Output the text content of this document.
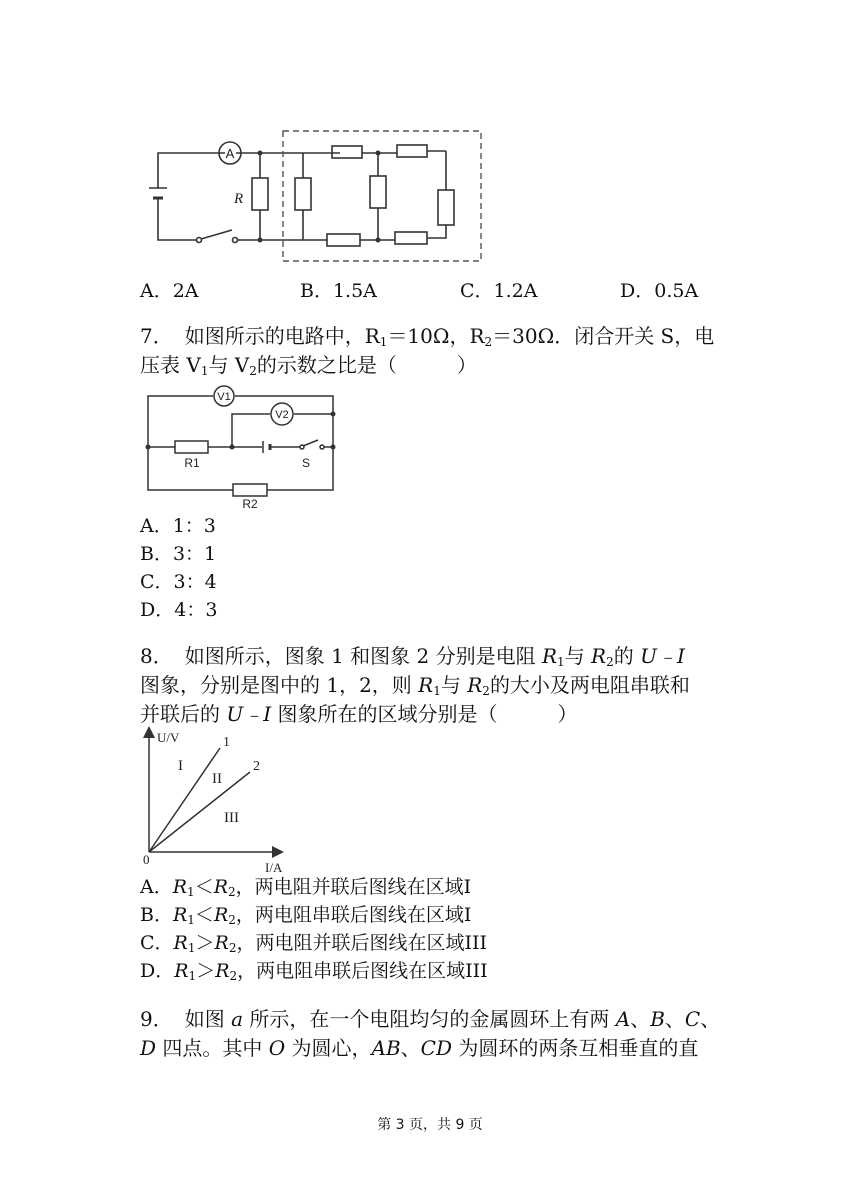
A
R
A．2A	B．1.5A	C．1.2A	D．0.5A
7． 如图所示的电路中，$R_1=10\Omega$，$R_2=30\Omega$．闭合开关 S，电
压表 $V_1$与 $V_2$的示数之比是（　　　）
V1
V2
R1
R2
S
A．1：3
B．3：1
C．3：4
D．4：3
8． 如图所示，图象 1 和图象 2 分别是电阻 $R_1$与 $R_2$的 U﹣I
图象，分别是图中的 1，2，则 $R_1$与 $R_2$的大小及两电阻串联和
并联后的 U﹣I 图象所在的区域分别是（　　　）
U/V
I/A
0
1
2
I
II
III
A．$R_1<R_2$，两电阻并联后图线在区域I
B．$R_1<R_2$，两电阻串联后图线在区域I
C．$R_1>R_2$，两电阻并联后图线在区域III
D．$R_1>R_2$，两电阻串联后图线在区域III
9． 如图 a 所示，在一个电阻均匀的金属圆环上有两 A、B、C、
D 四点。其中 O 为圆心，AB、CD 为圆环的两条互相垂直的直
第 3 页，共 9 页
